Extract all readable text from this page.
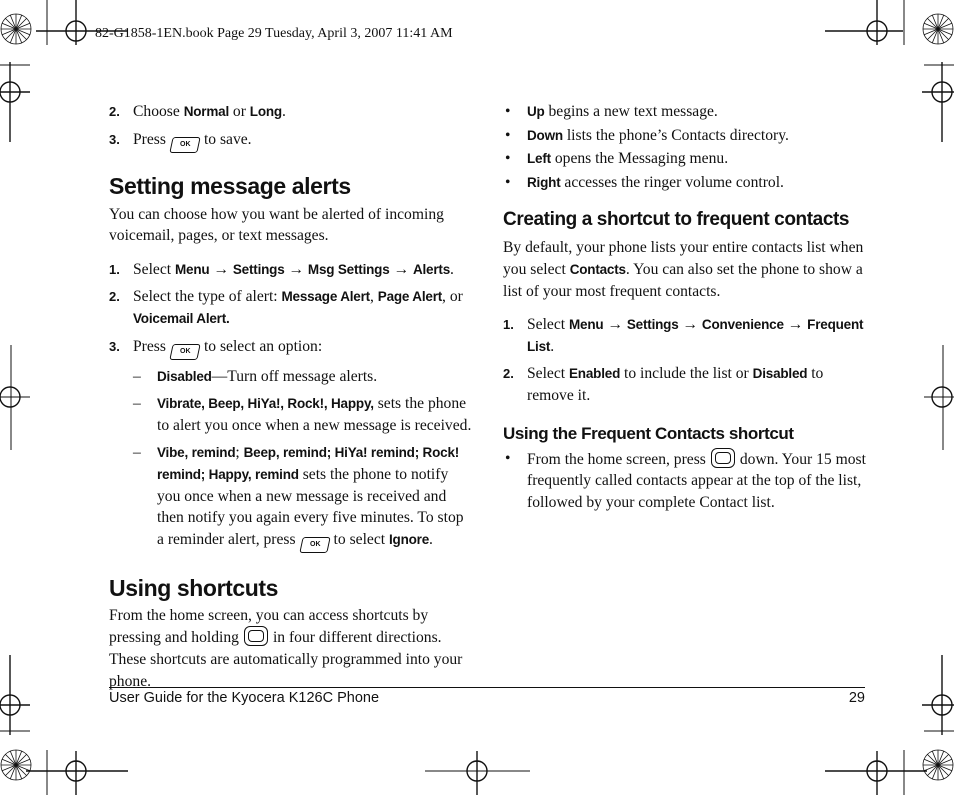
82-G1858-1EN.book Page 29 Tuesday, April 3, 2007 11:41 AM
2. Choose Normal or Long.
3. Press OK to save.
Setting message alerts
You can choose how you want be alerted of incoming voicemail, pages, or text messages.
1. Select Menu → Settings → Msg Settings → Alerts.
2. Select the type of alert: Message Alert, Page Alert, or Voicemail Alert.
3. Press OK to select an option:
– Disabled—Turn off message alerts.
– Vibrate, Beep, HiYa!, Rock!, Happy, sets the phone to alert you once when a new message is received.
– Vibe, remind; Beep, remind; HiYa! remind; Rock! remind; Happy, remind sets the phone to notify you once when a new message is received and then notify you again every five minutes. To stop a reminder alert, press OK to select Ignore.
Using shortcuts
From the home screen, you can access shortcuts by pressing and holding in four different directions. These shortcuts are automatically programmed into your phone.
• Up begins a new text message.
• Down lists the phone’s Contacts directory.
• Left opens the Messaging menu.
• Right accesses the ringer volume control.
Creating a shortcut to frequent contacts
By default, your phone lists your entire contacts list when you select Contacts. You can also set the phone to show a list of your most frequent contacts.
1. Select Menu → Settings → Convenience → Frequent List.
2. Select Enabled to include the list or Disabled to remove it.
Using the Frequent Contacts shortcut
• From the home screen, press down. Your 15 most frequently called contacts appear at the top of the list, followed by your complete Contact list.
User Guide for the Kyocera K126C Phone	29
